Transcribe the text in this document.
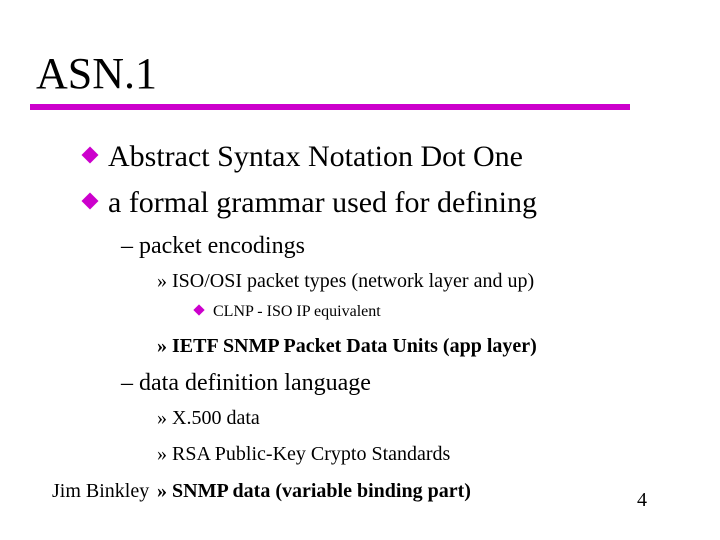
ASN.1
Abstract Syntax Notation Dot One
a formal grammar used for defining
– packet encodings
» ISO/OSI packet types (network layer and up)
CLNP - ISO IP equivalent
» IETF SNMP Packet Data Units (app layer)
– data definition language
» X.500 data
» RSA Public-Key Crypto Standards
Jim Binkley » SNMP data (variable binding part)	4
